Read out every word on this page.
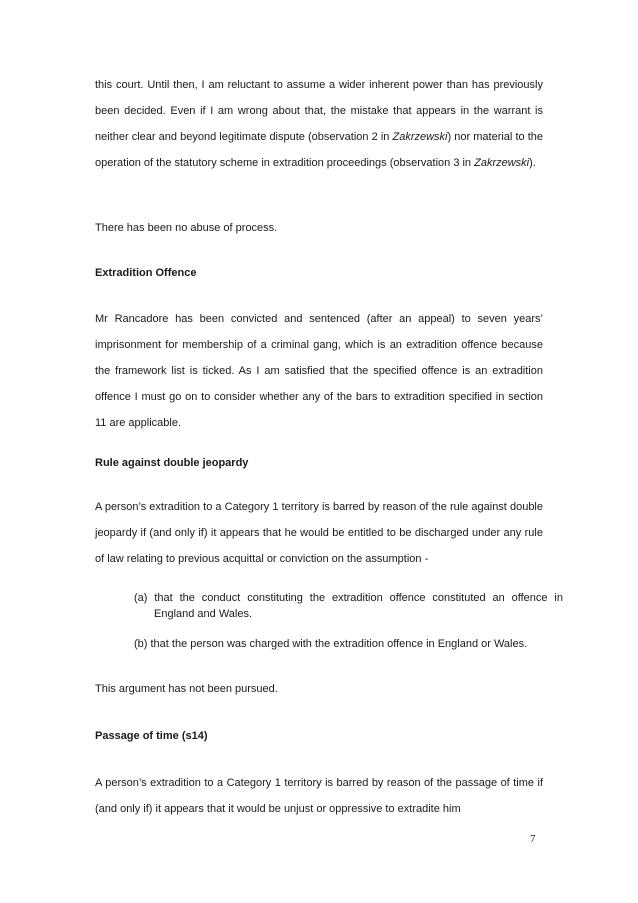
this court. Until then, I am reluctant to assume a wider inherent power than has previously been decided. Even if I am wrong about that, the mistake that appears in the warrant is neither clear and beyond legitimate dispute (observation 2 in Zakrzewski) nor material to the operation of the statutory scheme in extradition proceedings (observation 3 in Zakrzewski).

There has been no abuse of process.

Extradition Offence

Mr Rancadore has been convicted and sentenced (after an appeal) to seven years’ imprisonment for membership of a criminal gang, which is an extradition offence because the framework list is ticked. As I am satisfied that the specified offence is an extradition offence I must go on to consider whether any of the bars to extradition specified in section 11 are applicable.

Rule against double jeopardy

A person’s extradition to a Category 1 territory is barred by reason of the rule against double jeopardy if (and only if) it appears that he would be entitled to be discharged under any rule of law relating to previous acquittal or conviction on the assumption -

(a) that the conduct constituting the extradition offence constituted an offence in England and Wales.
(b) that the person was charged with the extradition offence in England or Wales.

This argument has not been pursued.

Passage of time (s14)

A person’s extradition to a Category 1 territory is barred by reason of the passage of time if (and only if) it appears that it would be unjust or oppressive to extradite him

7
